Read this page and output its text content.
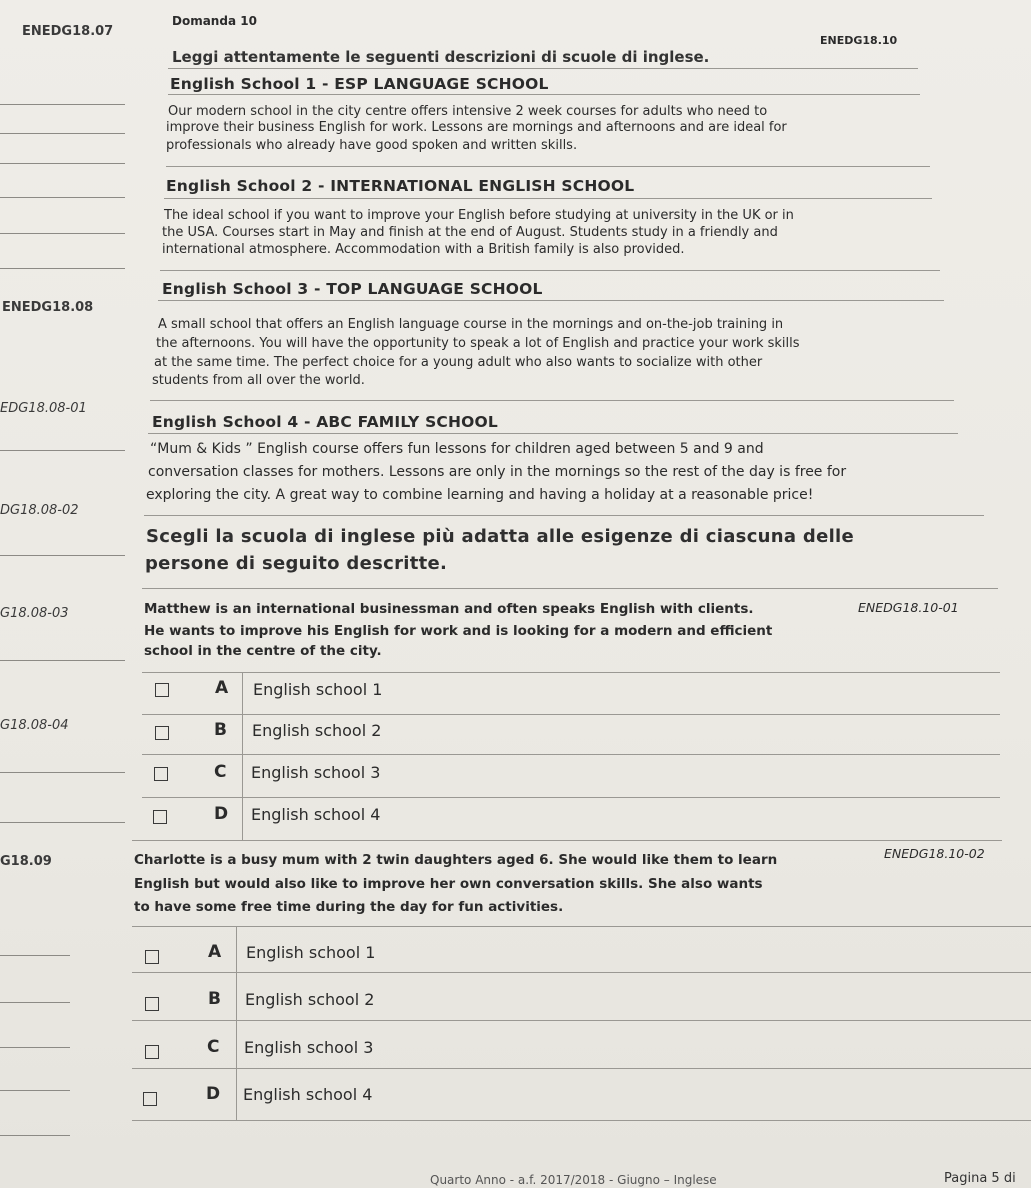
ENEDG18.07
ENEDG18.08
EDG18.08-01
DG18.08-02
G18.08-03
G18.08-04
G18.09
Domanda 10
ENEDG18.10
Leggi attentamente le seguenti descrizioni di scuole di inglese.
English School 1 - ESP LANGUAGE SCHOOL
Our modern school in the city centre offers intensive 2 week courses for adults who need to
improve their business English for work. Lessons are mornings and afternoons and are ideal for
professionals who already have good spoken and written skills.
English School 2 - INTERNATIONAL ENGLISH SCHOOL
The ideal school if you want to improve your English before studying at university in the UK or in
the USA. Courses start in May and finish at the end of August. Students study in a friendly and
international atmosphere. Accommodation with a British family is also provided.
English School 3 - TOP LANGUAGE SCHOOL
A small school that offers an English language course in the mornings and on-the-job training in
the afternoons. You will have the opportunity to speak a lot of English and practice your work skills
at the same time. The perfect choice for a young adult who also wants to socialize with other
students from all over the world.
English School 4 - ABC FAMILY SCHOOL
“Mum & Kids ” English course offers fun lessons for children aged between 5 and 9 and
conversation classes for mothers. Lessons are only in the mornings so the rest of the day is free for
exploring the city. A great way to combine learning and having a holiday at a reasonable price!
Scegli la scuola di inglese più adatta alle esigenze di ciascuna delle
persone di seguito descritte.
Matthew is an international businessman and often speaks English with clients.	ENEDG18.10-01
He wants to improve his English for work and is looking for a modern and efficient
school in the centre of the city.
A English school 1
B English school 2
C English school 3
D English school 4
Charlotte is a busy mum with 2 twin daughters aged 6. She would like them to learn	ENEDG18.10-02
English but would also like to improve her own conversation skills. She also wants
to have some free time during the day for fun activities.
A English school 1
B English school 2
C English school 3
D English school 4
Quarto Anno - a.f. 2017/2018 - Giugno – Inglese	Pagina 5 di
